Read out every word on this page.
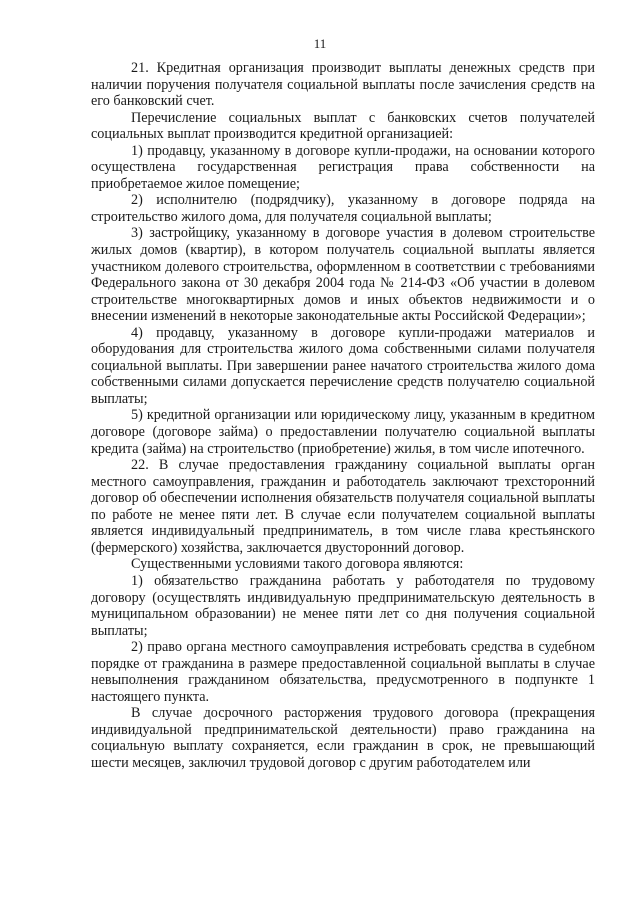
11

21. Кредитная организация производит выплаты денежных средств при наличии поручения получателя социальной выплаты после зачисления средств на его банковский счет.

Перечисление социальных выплат с банковских счетов получателей социальных выплат производится кредитной организацией:

1) продавцу, указанному в договоре купли-продажи, на основании которого осуществлена государственная регистрация права собственности на приобретаемое жилое помещение;

2) исполнителю (подрядчику), указанному в договоре подряда на строительство жилого дома, для получателя социальной выплаты;

3) застройщику, указанному в договоре участия в долевом строительстве жилых домов (квартир), в котором получатель социальной выплаты является участником долевого строительства, оформленном в соответствии с требованиями Федерального закона от 30 декабря 2004 года № 214-ФЗ «Об участии в долевом строительстве многоквартирных домов и иных объектов недвижимости и о внесении изменений в некоторые законодательные акты Российской Федерации»;

4) продавцу, указанному в договоре купли-продажи материалов и оборудования для строительства жилого дома собственными силами получателя социальной выплаты. При завершении ранее начатого строительства жилого дома собственными силами допускается перечисление средств получателю социальной выплаты;

5) кредитной организации или юридическому лицу, указанным в кредитном договоре (договоре займа) о предоставлении получателю социальной выплаты кредита (займа) на строительство (приобретение) жилья, в том числе ипотечного.

22. В случае предоставления гражданину социальной выплаты орган местного самоуправления, гражданин и работодатель заключают трехсторонний договор об обеспечении исполнения обязательств получателя социальной выплаты по работе не менее пяти лет. В случае если получателем социальной выплаты является индивидуальный предприниматель, в том числе глава крестьянского (фермерского) хозяйства, заключается двусторонний договор.

Существенными условиями такого договора являются:

1) обязательство гражданина работать у работодателя по трудовому договору (осуществлять индивидуальную предпринимательскую деятельность в муниципальном образовании) не менее пяти лет со дня получения социальной выплаты;

2) право органа местного самоуправления истребовать средства в судебном порядке от гражданина в размере предоставленной социальной выплаты в случае невыполнения гражданином обязательства, предусмотренного в подпункте 1 настоящего пункта.

В случае досрочного расторжения трудового договора (прекращения индивидуальной предпринимательской деятельности) право гражданина на социальную выплату сохраняется, если гражданин в срок, не превышающий шести месяцев, заключил трудовой договор с другим работодателем или
